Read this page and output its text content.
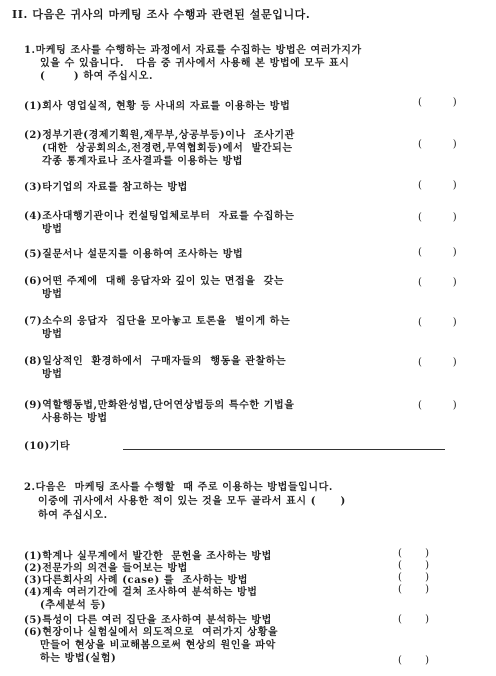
II. 다음은 귀사의 마케팅 조사 수행과 관련된 설문입니다.
1.마케팅 조사를 수행하는 과정에서 자료를 수집하는 방법은 여러가지가
있을 수 있읍니다.   다음 중 귀사에서 사용해 본 방법에 모두 표시
(       ) 하여 주십시오.
(1)회사 영업실적, 현황 등 사내의 자료를 이용하는 방법	(        )
(2)정부기관(경제기획원,재무부,상공부등)이나  조사기관
(대한  상공회의소,전경련,무역협회등)에서  발간되는
각종 통계자료나 조사결과를 이용하는 방법
(        )
(3)타기업의 자료를 참고하는 방법	(        )
(4)조사대행기관이나 컨설팅업체로부터  자료를 수집하는
방법
(        )
(5)질문서나 설문지를 이용하여 조사하는 방법	(        )
(6)어떤 주제에  대해 응답자와 깊이 있는 면접을  갖는
방법
(        )
(7)소수의 응답자  집단을 모아놓고 토론을  벌이게 하는
방법
(        )
(8)일상적인  환경하에서  구매자들의  행동을 관찰하는
방법
(        )
(9)역할행동법,만화완성법,단어연상법등의 특수한 기법을
사용하는 방법
(        )
(10)기타
2.다음은  마케팅 조사를 수행할  때 주로 이용하는 방법들입니다.
이중에 귀사에서 사용한 적이 있는 것을 모두 골라서 표시 (      )
하여 주십시오.
(1)학계나 실무계에서 발간한  문헌을 조사하는 방법	(      )
(2)전문가의 의견을 들어보는 방법	(      )
(3)다른회사의 사례 (case) 를  조사하는 방법	(      )
(4)계속 여러기간에 걸쳐 조사하여 분석하는 방법
(추세분석 등)
(      )
(5)특성이 다른 여러 집단을 조사하여 분석하는 방법	(      )
(6)현장이나 실험실에서 의도적으로  여러가지 상황을
만들어 현상을 비교해봄으로써 현상의 원인을 파악
하는 방법(실험)	(      )
